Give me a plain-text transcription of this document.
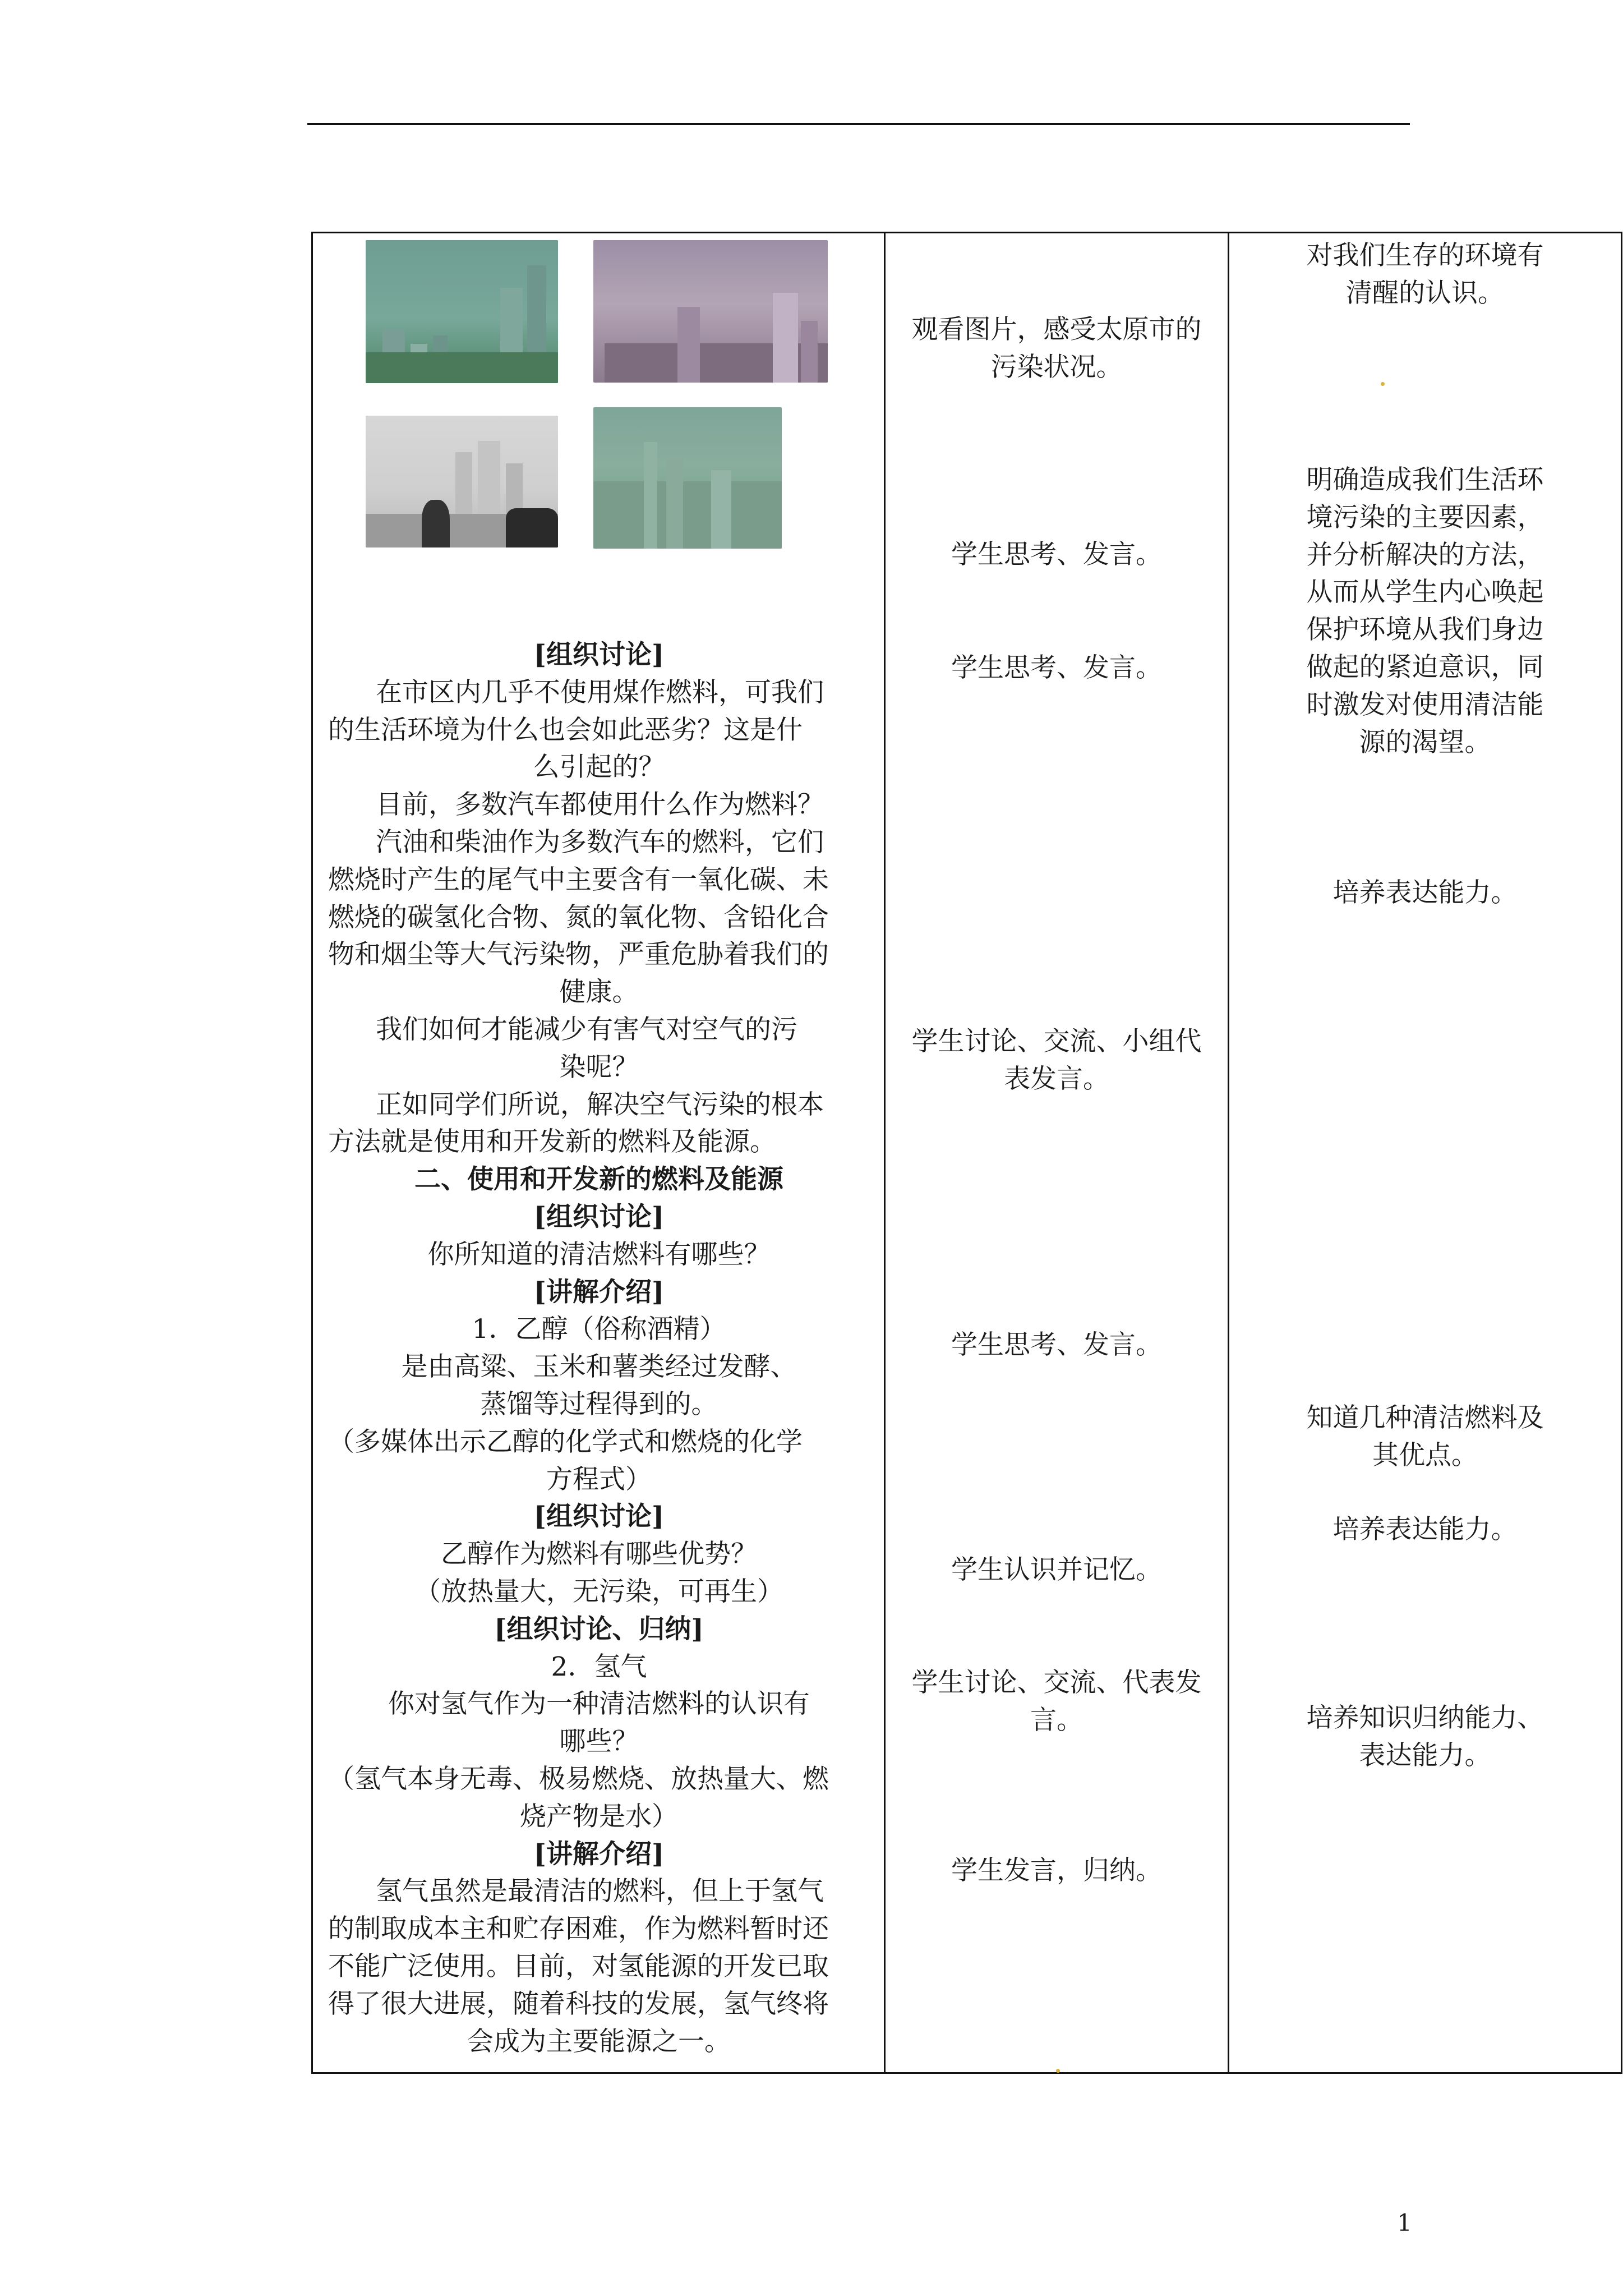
[组织讨论]
在市区内几乎不使用煤作燃料，可我们
的生活环境为什么也会如此恶劣？这是什
么引起的？
目前，多数汽车都使用什么作为燃料？
汽油和柴油作为多数汽车的燃料，它们
燃烧时产生的尾气中主要含有一氧化碳、未
燃烧的碳氢化合物、氮的氧化物、含铅化合
物和烟尘等大气污染物，严重危胁着我们的
健康。
我们如何才能减少有害气对空气的污
染呢？
正如同学们所说，解决空气污染的根本
方法就是使用和开发新的燃料及能源。
二、使用和开发新的燃料及能源
[组织讨论]
你所知道的清洁燃料有哪些？
[讲解介绍]
1．乙醇（俗称酒精）
是由高粱、玉米和薯类经过发酵、
蒸馏等过程得到的。
（多媒体出示乙醇的化学式和燃烧的化学
方程式）
[组织讨论]
乙醇作为燃料有哪些优势？
（放热量大，无污染，可再生）
[组织讨论、归纳]
2．氢气
你对氢气作为一种清洁燃料的认识有
哪些？
（氢气本身无毒、极易燃烧、放热量大、燃
烧产物是水）
[讲解介绍]
氢气虽然是最清洁的燃料，但上于氢气
的制取成本主和贮存困难，作为燃料暂时还
不能广泛使用。目前，对氢能源的开发已取
得了很大进展，随着科技的发展，氢气终将
会成为主要能源之一。
观看图片，感受太原市的
污染状况。
学生思考、发言。
学生思考、发言。
学生讨论、交流、小组代
表发言。
学生思考、发言。
学生认识并记忆。
学生讨论、交流、代表发
言。
学生发言，归纳。
对我们生存的环境有
清醒的认识。
明确造成我们生活环
境污染的主要因素，
并分析解决的方法，
从而从学生内心唤起
保护环境从我们身边
做起的紧迫意识，同
时激发对使用清洁能
源的渴望。
培养表达能力。
知道几种清洁燃料及
其优点。
培养表达能力。
培养知识归纳能力、
表达能力。
1
